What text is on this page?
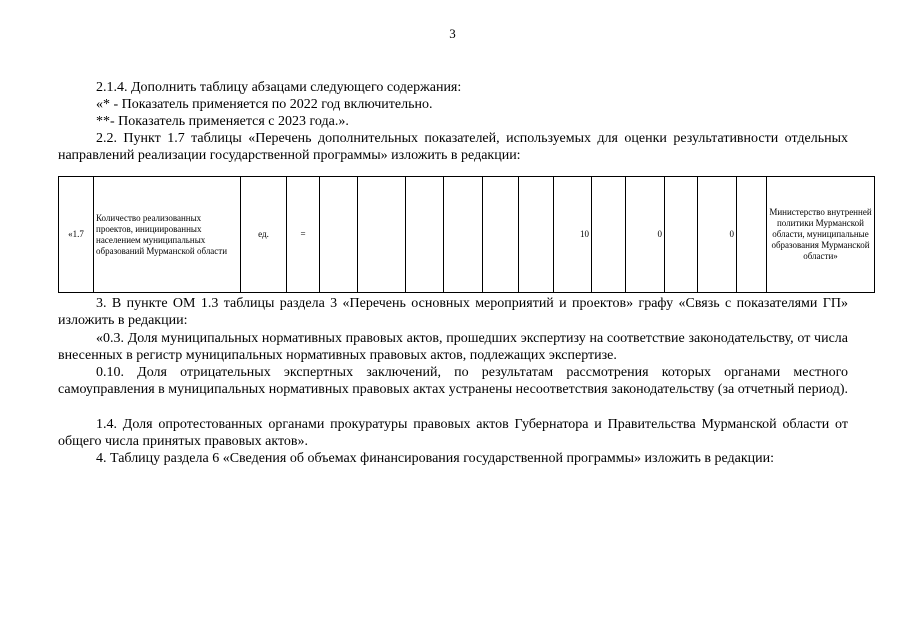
3

2.1.4. Дополнить таблицу абзацами следующего содержания:

«* - Показатель применяется по 2022 год включительно.

**- Показатель применяется с 2023 года.».

2.2. Пункт 1.7 таблицы «Перечень дополнительных показателей, используемых для оценки результативности отдельных направлений реализации государственной программы» изложить в редакции:

«1.7	Количество реализованных проектов, инициированных населением муниципальных образований Мурманской области	ед.	=							10		0		0		Министерство внутренней политики Мурманской области, муниципальные образования Мурманской области»

3. В пункте ОМ 1.3 таблицы раздела 3 «Перечень основных мероприятий и проектов» графу «Связь с показателями ГП» изложить в редакции:

«0.3. Доля муниципальных нормативных правовых актов, прошедших экспертизу на соответствие законодательству, от числа внесенных в регистр муниципальных нормативных правовых актов, подлежащих экспертизе.

0.10. Доля отрицательных экспертных заключений, по результатам рассмотрения которых органами местного самоуправления в муниципальных нормативных правовых актах устранены несоответствия законодательству (за отчетный период).

1.4. Доля опротестованных органами прокуратуры правовых актов Губернатора и Правительства Мурманской области от общего числа принятых правовых актов».

4. Таблицу раздела 6 «Сведения об объемах финансирования государственной программы» изложить в редакции:
